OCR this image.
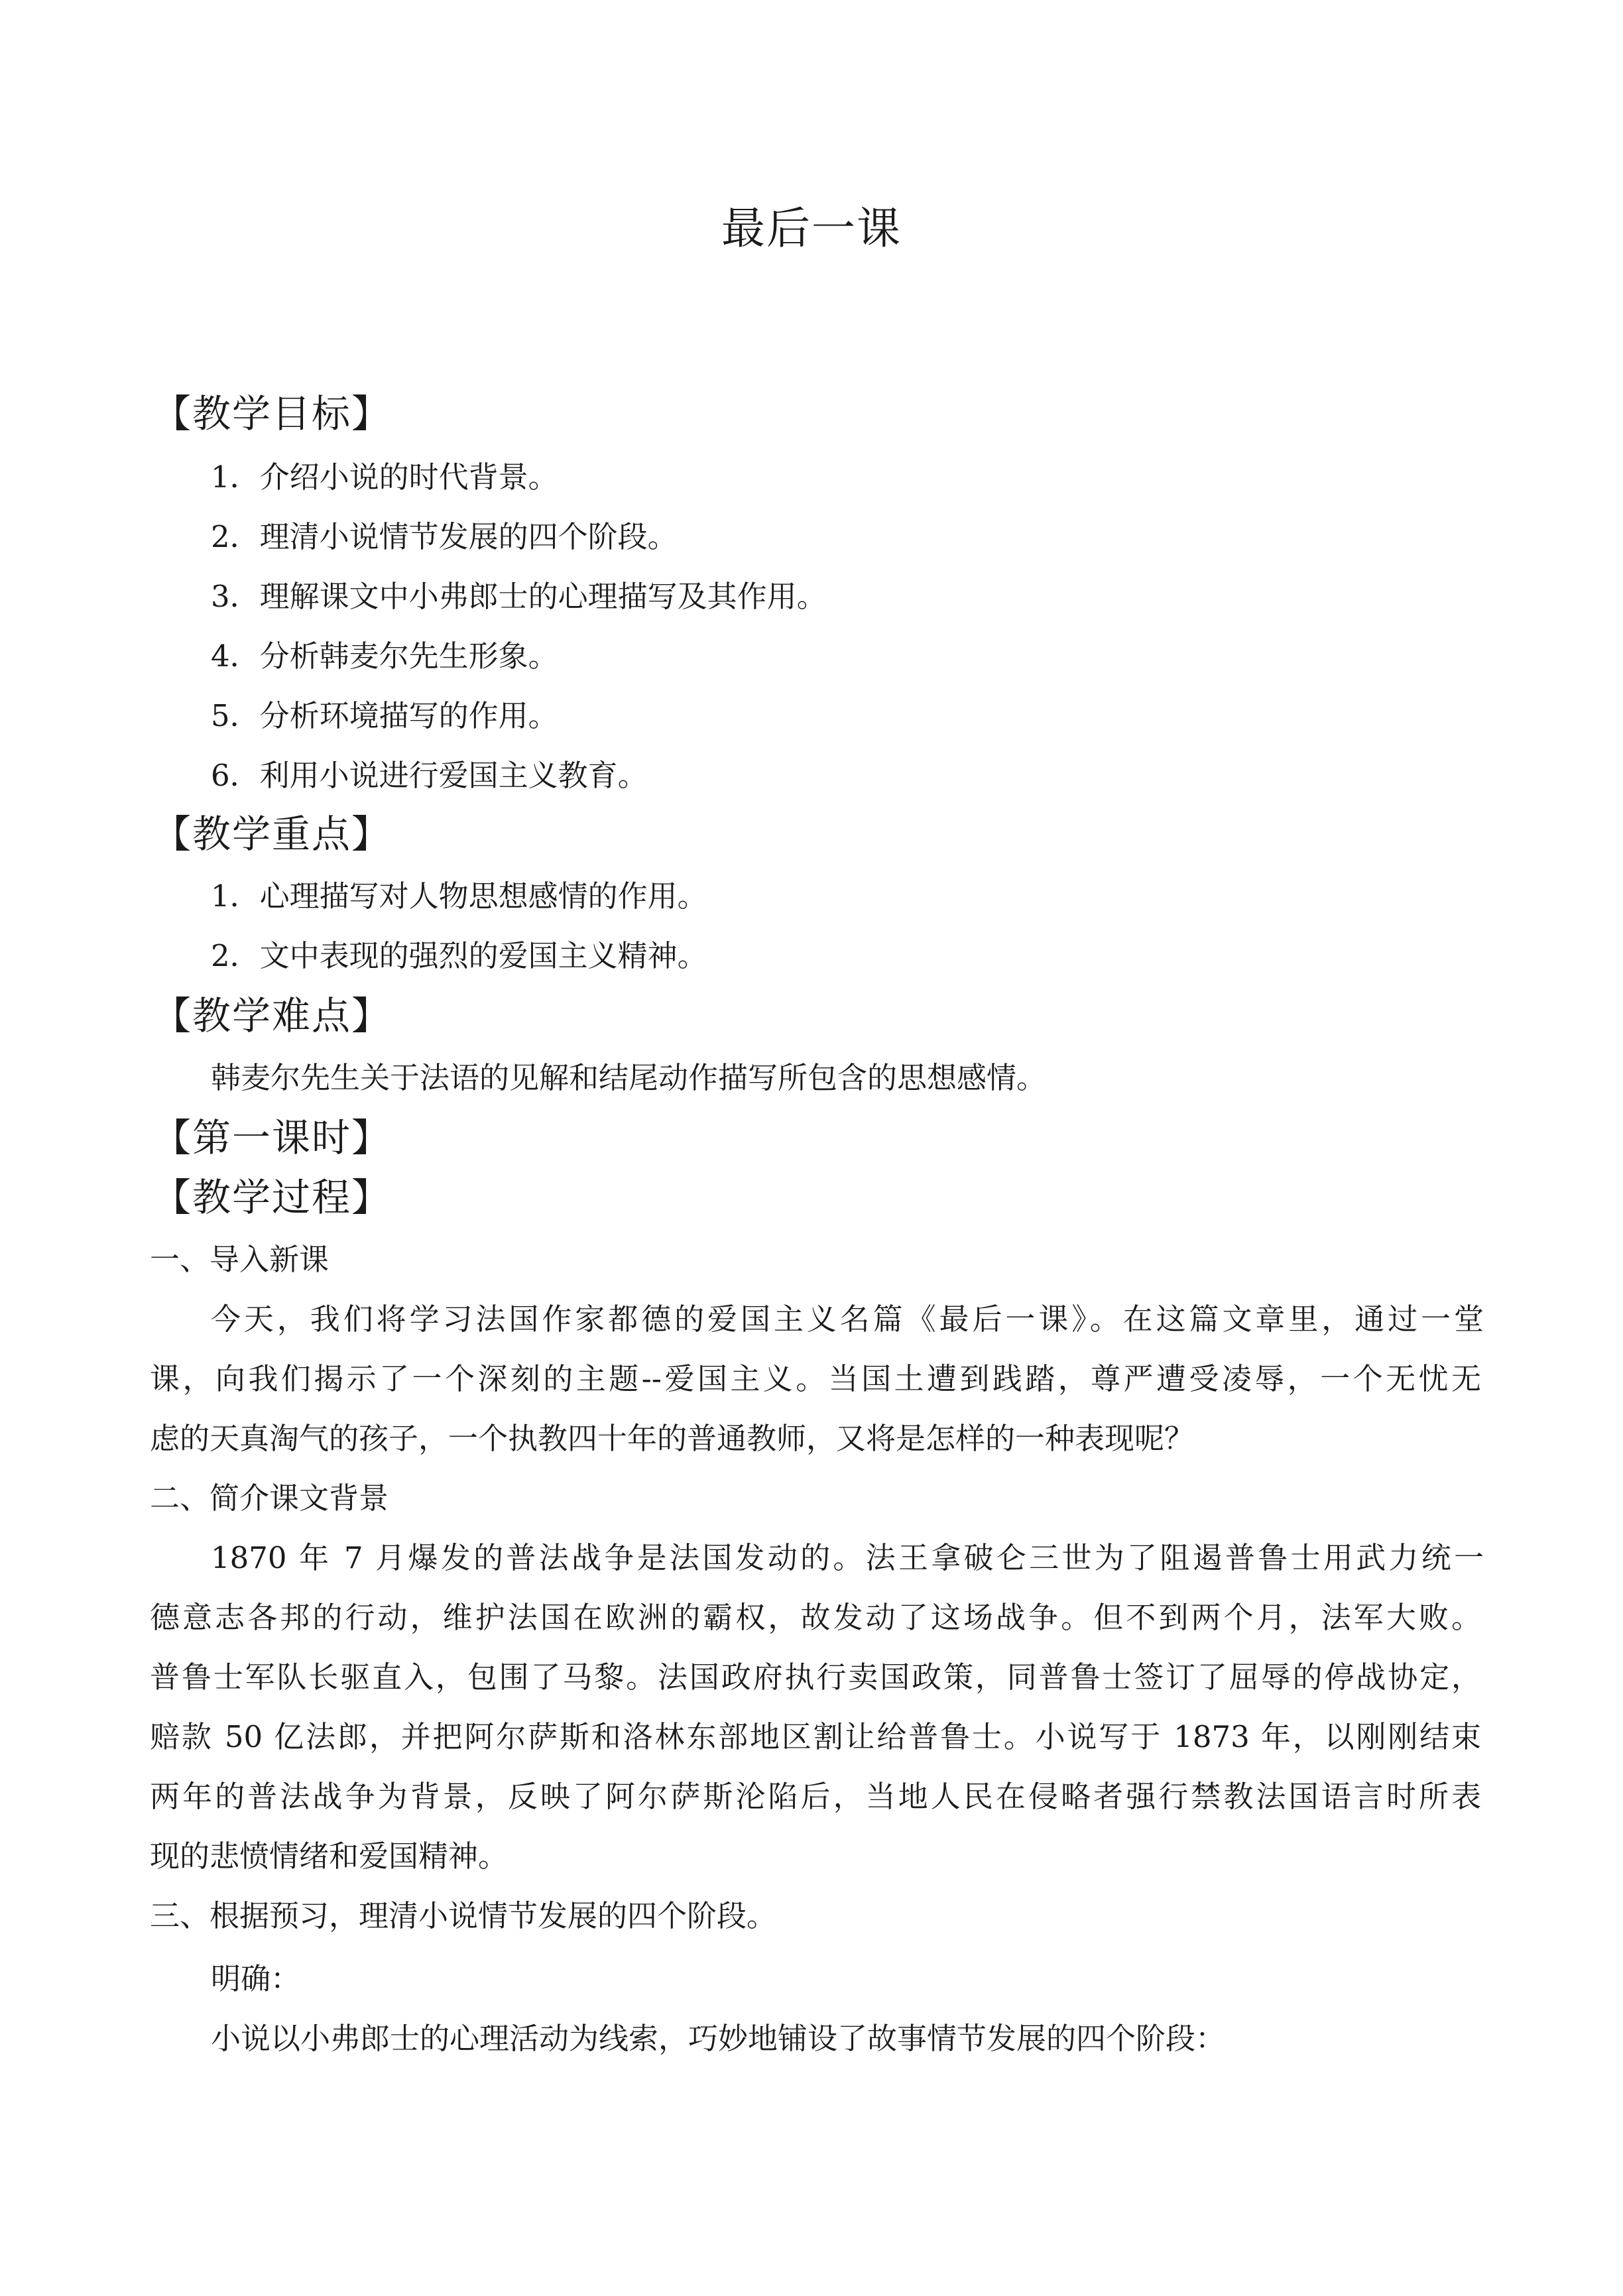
最后一课
【教学目标】
1．介绍小说的时代背景。
2．理清小说情节发展的四个阶段。
3．理解课文中小弗郎士的心理描写及其作用。
4．分析韩麦尔先生形象。
5．分析环境描写的作用。
6．利用小说进行爱国主义教育。
【教学重点】
1．心理描写对人物思想感情的作用。
2．文中表现的强烈的爱国主义精神。
【教学难点】
韩麦尔先生关于法语的见解和结尾动作描写所包含的思想感情。
【第一课时】
【教学过程】
一、导入新课
今天，我们将学习法国作家都德的爱国主义名篇《最后一课》。在这篇文章里，通过一堂
课，向我们揭示了一个深刻的主题--爱国主义。当国土遭到践踏，尊严遭受凌辱，一个无忧无
虑的天真淘气的孩子，一个执教四十年的普通教师，又将是怎样的一种表现呢？
二、简介课文背景
1870 年 7 月爆发的普法战争是法国发动的。法王拿破仑三世为了阻遏普鲁士用武力统一
德意志各邦的行动，维护法国在欧洲的霸权，故发动了这场战争。但不到两个月，法军大败。
普鲁士军队长驱直入，包围了马黎。法国政府执行卖国政策，同普鲁士签订了屈辱的停战协定，
赔款 50 亿法郎，并把阿尔萨斯和洛林东部地区割让给普鲁士。小说写于 1873 年，以刚刚结束
两年的普法战争为背景，反映了阿尔萨斯沦陷后，当地人民在侵略者强行禁教法国语言时所表
现的悲愤情绪和爱国精神。
三、根据预习，理清小说情节发展的四个阶段。
明确：
小说以小弗郎士的心理活动为线索，巧妙地铺设了故事情节发展的四个阶段：
